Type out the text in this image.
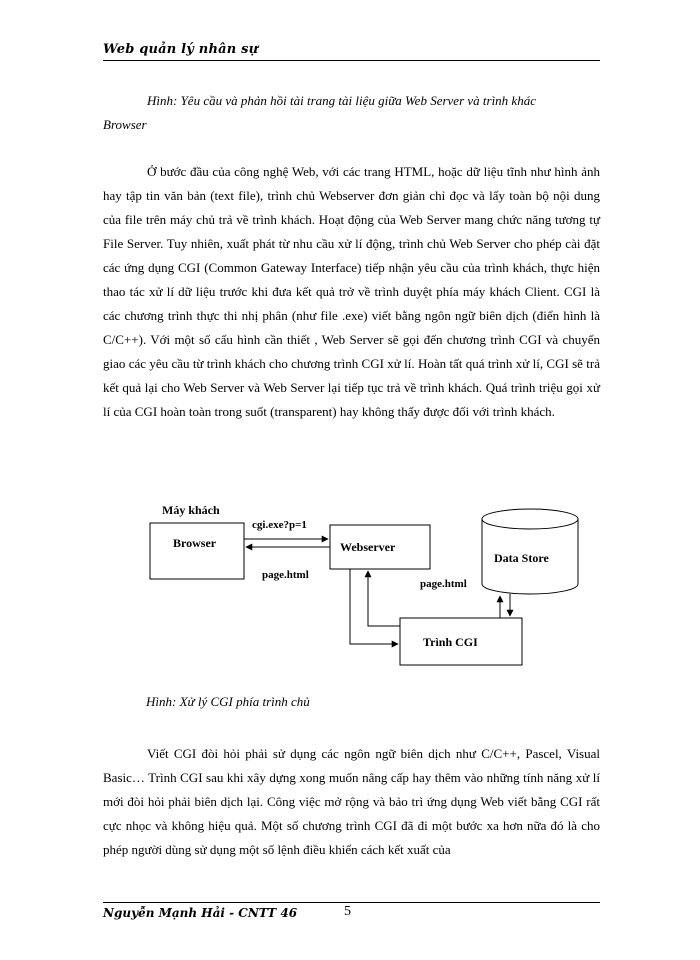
Web quản lý nhân sự
Hình: Yêu cầu và phản hồi tài trang tài liệu giữa Web Server và trình khác
Browser
Ở bước đầu của công nghệ Web, với các trang HTML, hoặc dữ liệu tĩnh như hình ảnh hay tập tin văn bản (text file), trình chủ Webserver đơn giản chỉ đọc và lấy toàn bộ nội dung của file trên máy chủ trả về trình khách. Hoạt động của Web Server mang chức năng tương tự File Server. Tuy nhiên, xuất phát từ nhu cầu xử lí động, trình chủ Web Server cho phép cài đặt các ứng dụng CGI (Common Gateway Interface) tiếp nhận yêu cầu của trình khách, thực hiện thao tác xử lí dữ liệu trước khi đưa kết quả trở về trình duyệt phía máy khách Client. CGI là các chương trình thực thi nhị phân (như file .exe) viết bằng ngôn ngữ biên dịch (điển hình là C/C++). Với một số cấu hình cần thiết , Web Server sẽ gọi đến chương trình CGI và chuyển giao các yêu cầu từ trình khách cho chương trình CGI xử lí. Hoàn tất quá trình xử lí, CGI sẽ trả kết quả lại cho Web Server và Web Server lại tiếp tục trả về trình khách. Quá trình triệu gọi xử lí của CGI hoàn toàn trong suốt (transparent) hay không thấy được đối với trình khách.
Máy khách
Browser	Webserver
Data Store
Trình CGI
cgi.exe?p=1
page.html
page.html
Hình: Xử lý CGI phía trình chủ
Viết CGI đòi hỏi phải sử dụng các ngôn ngữ biên dịch như C/C++, Pascel, Visual Basic… Trình CGI sau khi xây dựng xong muốn nâng cấp hay thêm vào những tính năng xử lí mới đòi hỏi phải biên dịch lại. Công việc mở rộng và bảo trì ứng dụng Web viết bằng CGI rất cực nhọc và không hiệu quả. Một số chương trình CGI đã đi một bước xa hơn nữa đó là cho phép người dùng sử dụng một số lệnh điều khiển cách kết xuất của
Nguyễn Mạnh Hải - CNTT 46	5
